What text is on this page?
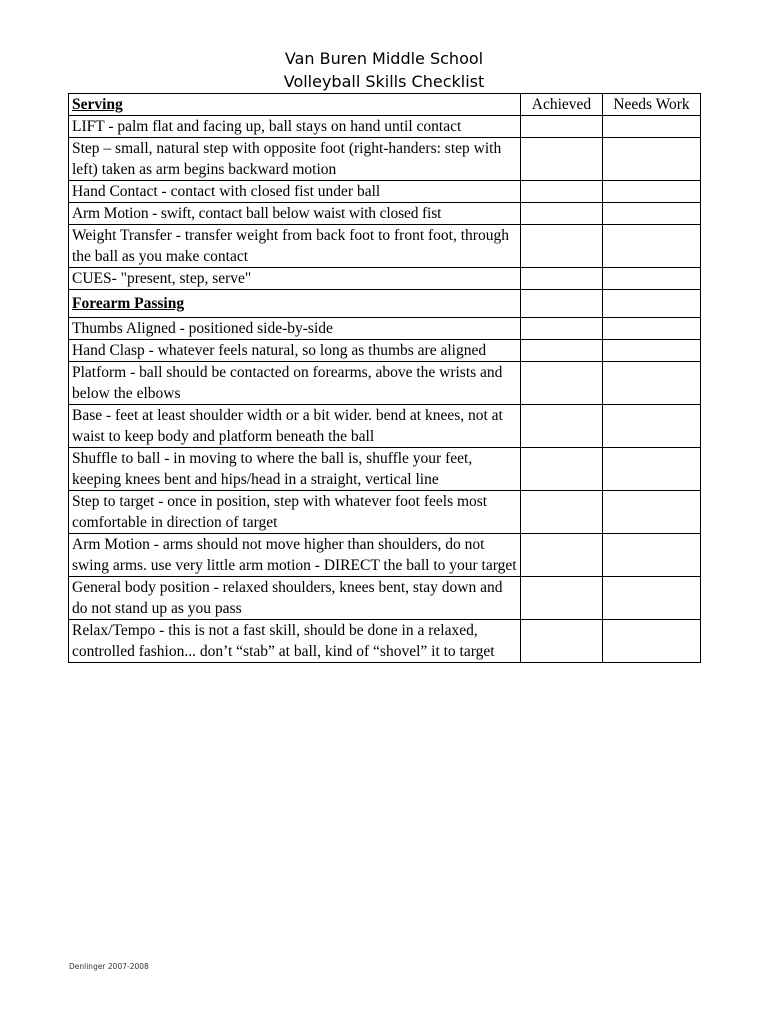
Van Buren Middle School
Volleyball Skills Checklist
Serving	Achieved	Needs Work
LIFT - palm flat and facing up, ball stays on hand until contact		
Step – small, natural step with opposite foot (right-handers: step with left) taken as arm begins backward motion		
Hand Contact - contact with closed fist under ball		
Arm Motion - swift, contact ball below waist with closed fist		
Weight Transfer - transfer weight from back foot to front foot, through the ball as you make contact		
CUES- "present, step, serve"		
Forearm Passing		
Thumbs Aligned - positioned side-by-side		
Hand Clasp - whatever feels natural, so long as thumbs are aligned		
Platform - ball should be contacted on forearms, above the wrists and below the elbows		
Base - feet at least shoulder width or a bit wider. bend at knees, not at waist to keep body and platform beneath the ball		
Shuffle to ball - in moving to where the ball is, shuffle your feet, keeping knees bent and hips/head in a straight, vertical line		
Step to target - once in position, step with whatever foot feels most comfortable in direction of target		
Arm Motion - arms should not move higher than shoulders, do not swing arms. use very little arm motion - DIRECT the ball to your target		
General body position - relaxed shoulders, knees bent, stay down and do not stand up as you pass		
Relax/Tempo - this is not a fast skill, should be done in a relaxed, controlled fashion... don’t “stab” at ball, kind of “shovel” it to target		
Denlinger 2007-2008
